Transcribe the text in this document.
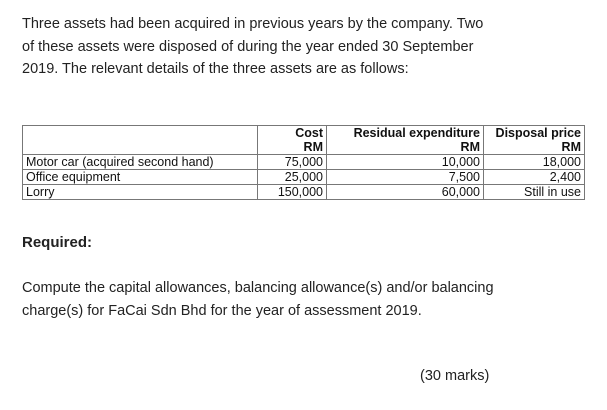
Three assets had been acquired in previous years by the company. Two of these assets were disposed of during the year ended 30 September 2019. The relevant details of the three assets are as follows:

	Cost	Residual expenditure	Disposal price
	RM	RM	RM
Motor car (acquired second hand)	75,000	10,000	18,000
Office equipment	25,000	7,500	2,400
Lorry	150,000	60,000	Still in use

Required:

Compute the capital allowances, balancing allowance(s) and/or balancing charge(s) for FaCai Sdn Bhd for the year of assessment 2019.

(30 marks)
